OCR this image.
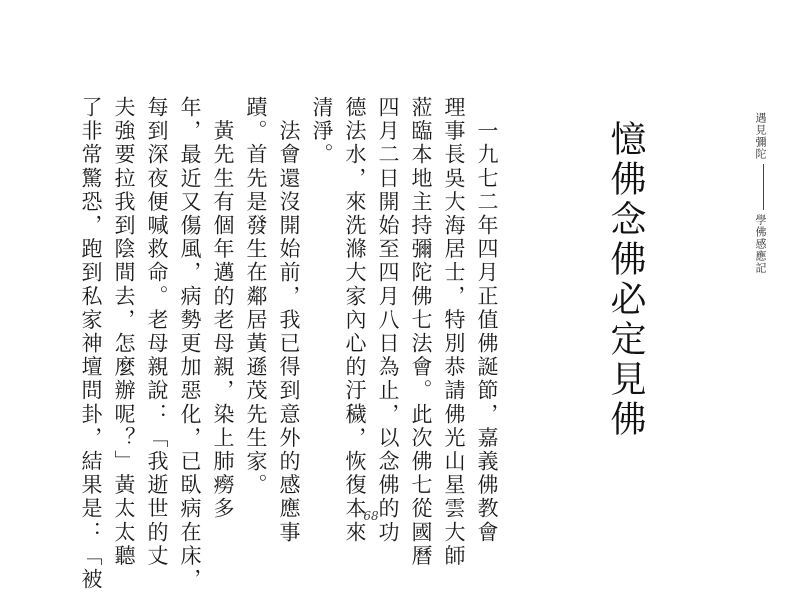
遇見彌陀學佛感應記
憶佛念佛必定見佛
　一九七二年四月正值佛誕節，嘉義佛教會
理事長吳大海居士，特別恭請佛光山星雲大師
蒞臨本地主持彌陀佛七法會。此次佛七從國曆
四月二日開始至四月八日為止，以念佛的功
德法水，來洗滌大家內心的汙穢，恢復本來
清淨。
　法會還沒開始前，我已得到意外的感應事
蹟。首先是發生在鄰居黃遜茂先生家。
　黃先生有個年邁的老母親，染上肺癆多
年，最近又傷風，病勢更加惡化，已臥病在床，
每到深夜便喊救命。老母親說：「我逝世的丈
夫強要拉我到陰間去，怎麼辦呢？」黃太太聽
了非常驚恐，跑到私家神壇問卦，結果是：「被	68
